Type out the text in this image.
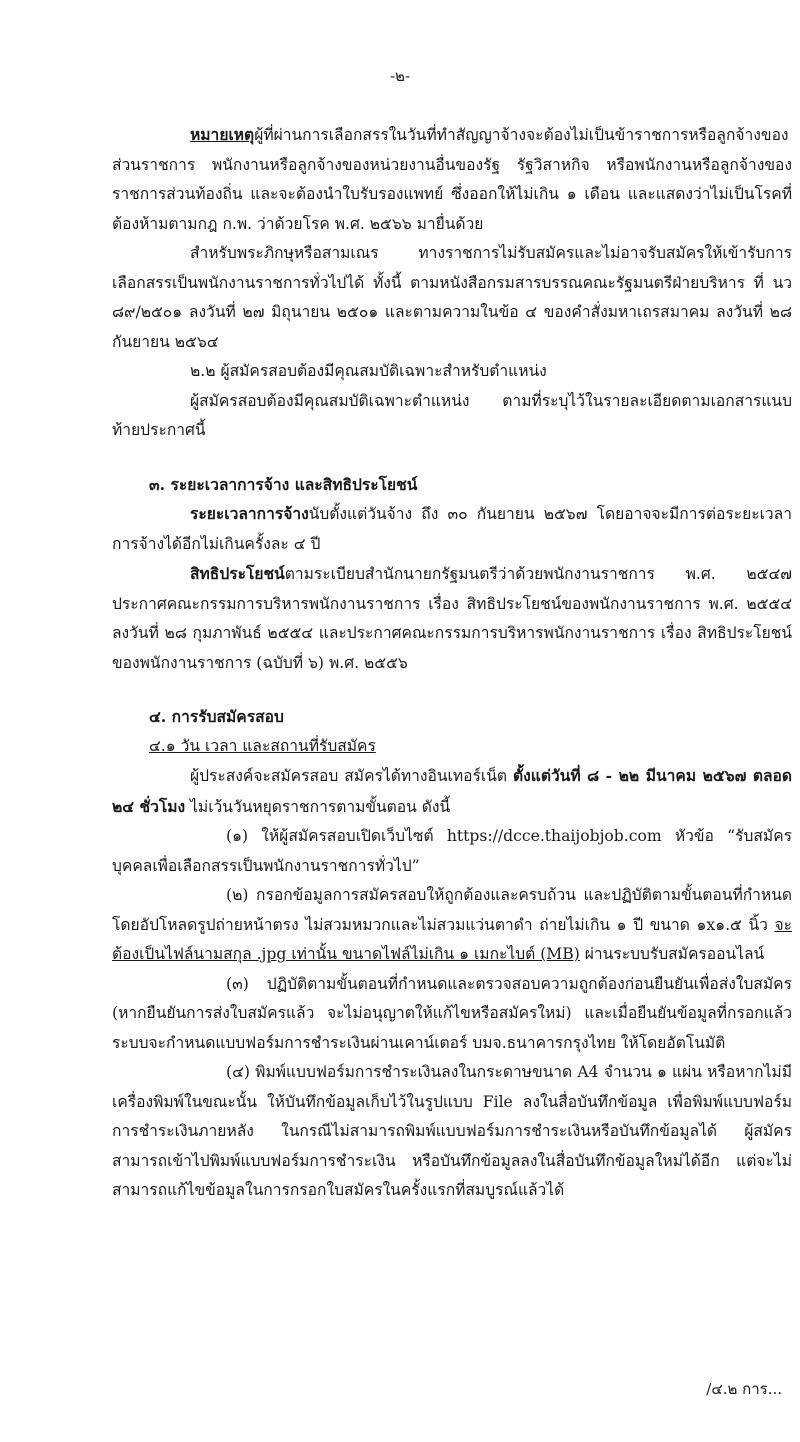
-๒-

หมายเหตุผู้ที่ผ่านการเลือกสรรในวันที่ทำสัญญาจ้างจะต้องไม่เป็นข้าราชการหรือลูกจ้างของส่วนราชการ พนักงานหรือลูกจ้างของหน่วยงานอื่นของรัฐ รัฐวิสาหกิจ หรือพนักงานหรือลูกจ้างของราชการส่วนท้องถิ่น และจะต้องนำใบรับรองแพทย์ ซึ่งออกให้ไม่เกิน ๑ เดือน และแสดงว่าไม่เป็นโรคที่ต้องห้ามตามกฎ ก.พ. ว่าด้วยโรค พ.ศ. ๒๕๖๖ มายื่นด้วย

สำหรับพระภิกษุหรือสามเณร ทางราชการไม่รับสมัครและไม่อาจรับสมัครให้เข้ารับการเลือกสรรเป็นพนักงานราชการทั่วไปได้ ทั้งนี้ ตามหนังสือกรมสารบรรณคณะรัฐมนตรีฝ่ายบริหาร ที่ นว ๘๙/๒๕๐๑ ลงวันที่ ๒๗ มิถุนายน ๒๕๐๑ และตามความในข้อ ๔ ของคำสั่งมหาเถรสมาคม ลงวันที่ ๒๘ กันยายน ๒๕๖๔

๒.๒ ผู้สมัครสอบต้องมีคุณสมบัติเฉพาะสำหรับตำแหน่ง

ผู้สมัครสอบต้องมีคุณสมบัติเฉพาะตำแหน่ง ตามที่ระบุไว้ในรายละเอียดตามเอกสารแนบท้ายประกาศนี้

๓. ระยะเวลาการจ้าง และสิทธิประโยชน์

ระยะเวลาการจ้างนับตั้งแต่วันจ้าง ถึง ๓๐ กันยายน ๒๕๖๗ โดยอาจจะมีการต่อระยะเวลาการจ้างได้อีกไม่เกินครั้งละ ๔ ปี

สิทธิประโยชน์ตามระเบียบสำนักนายกรัฐมนตรีว่าด้วยพนักงานราชการ พ.ศ. ๒๕๔๗ ประกาศคณะกรรมการบริหารพนักงานราชการ เรื่อง สิทธิประโยชน์ของพนักงานราชการ พ.ศ. ๒๕๕๔ ลงวันที่ ๒๘ กุมภาพันธ์ ๒๕๕๔ และประกาศคณะกรรมการบริหารพนักงานราชการ เรื่อง สิทธิประโยชน์ของพนักงานราชการ (ฉบับที่ ๖) พ.ศ. ๒๕๕๖

๔. การรับสมัครสอบ

๔.๑ วัน เวลา และสถานที่รับสมัคร

ผู้ประสงค์จะสมัครสอบ สมัครได้ทางอินเทอร์เน็ต ตั้งแต่วันที่ ๘ - ๒๒ มีนาคม ๒๕๖๗ ตลอด ๒๔ ชั่วโมง ไม่เว้นวันหยุดราชการตามขั้นตอน ดังนี้

(๑) ให้ผู้สมัครสอบเปิดเว็บไซต์ https://dcce.thaijobjob.com หัวข้อ “รับสมัครบุคคลเพื่อเลือกสรรเป็นพนักงานราชการทั่วไป”

(๒) กรอกข้อมูลการสมัครสอบให้ถูกต้องและครบถ้วน และปฏิบัติตามขั้นตอนที่กำหนด โดยอัปโหลดรูปถ่ายหน้าตรง ไม่สวมหมวกและไม่สวมแว่นตาดำ ถ่ายไม่เกิน ๑ ปี ขนาด ๑x๑.๕ นิ้ว จะต้องเป็นไฟล์นามสกุล .jpg เท่านั้น ขนาดไฟล์ไม่เกิน ๑ เมกะไบต์ (MB) ผ่านระบบรับสมัครออนไลน์

(๓) ปฏิบัติตามขั้นตอนที่กำหนดและตรวจสอบความถูกต้องก่อนยืนยันเพื่อส่งใบสมัคร (หากยืนยันการส่งใบสมัครแล้ว จะไม่อนุญาตให้แก้ไขหรือสมัครใหม่) และเมื่อยืนยันข้อมูลที่กรอกแล้ว ระบบจะกำหนดแบบฟอร์มการชำระเงินผ่านเคาน์เตอร์ บมจ.ธนาคารกรุงไทย ให้โดยอัตโนมัติ

(๔) พิมพ์แบบฟอร์มการชำระเงินลงในกระดาษขนาด A4 จำนวน ๑ แผ่น หรือหากไม่มีเครื่องพิมพ์ในขณะนั้น ให้บันทึกข้อมูลเก็บไว้ในรูปแบบ File ลงในสื่อบันทึกข้อมูล เพื่อพิมพ์แบบฟอร์มการชำระเงินภายหลัง ในกรณีไม่สามารถพิมพ์แบบฟอร์มการชำระเงินหรือบันทึกข้อมูลได้ ผู้สมัครสามารถเข้าไปพิมพ์แบบฟอร์มการชำระเงิน หรือบันทึกข้อมูลลงในสื่อบันทึกข้อมูลใหม่ได้อีก แต่จะไม่สามารถแก้ไขข้อมูลในการกรอกใบสมัครในครั้งแรกที่สมบูรณ์แล้วได้

/๔.๒ การ...
